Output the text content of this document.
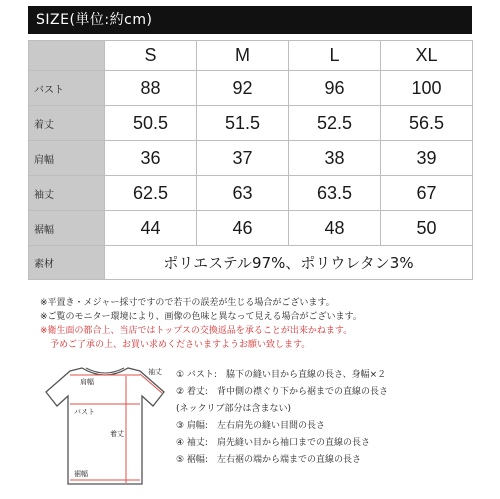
SIZE(単位:約cm)
	S	M	L	XL
バスト	88	92	96	100
着丈	50.5	51.5	52.5	56.5
肩幅	36	37	38	39
袖丈	62.5	63	63.5	67
裾幅	44	46	48	50
素材	ポリエステル97%、ポリウレタン3%			
※平置き・メジャー採寸ですので若干の誤差が生じる場合がございます。
※ご覧のモニター環境により、画像の色味と異なって見える場合がございます。
※衛生面の都合上、当店ではトップスの交換返品を承ることが出来かねます。
予めご了承の上、お買い求めくださいますようお願い致します。
肩幅
袖丈
バスト
着丈
裾幅
① バスト:　脇下の縫い目から直線の長さ、身幅×２
② 着丈:　背中側の襟ぐり下から裾までの直線の長さ
(ネックリブ部分は含まない)
③ 肩幅:　左右肩先の縫い目間の長さ
④ 袖丈:　肩先縫い目から袖口までの直線の長さ
⑤ 裾幅:　左右裾の端から端までの直線の長さ
